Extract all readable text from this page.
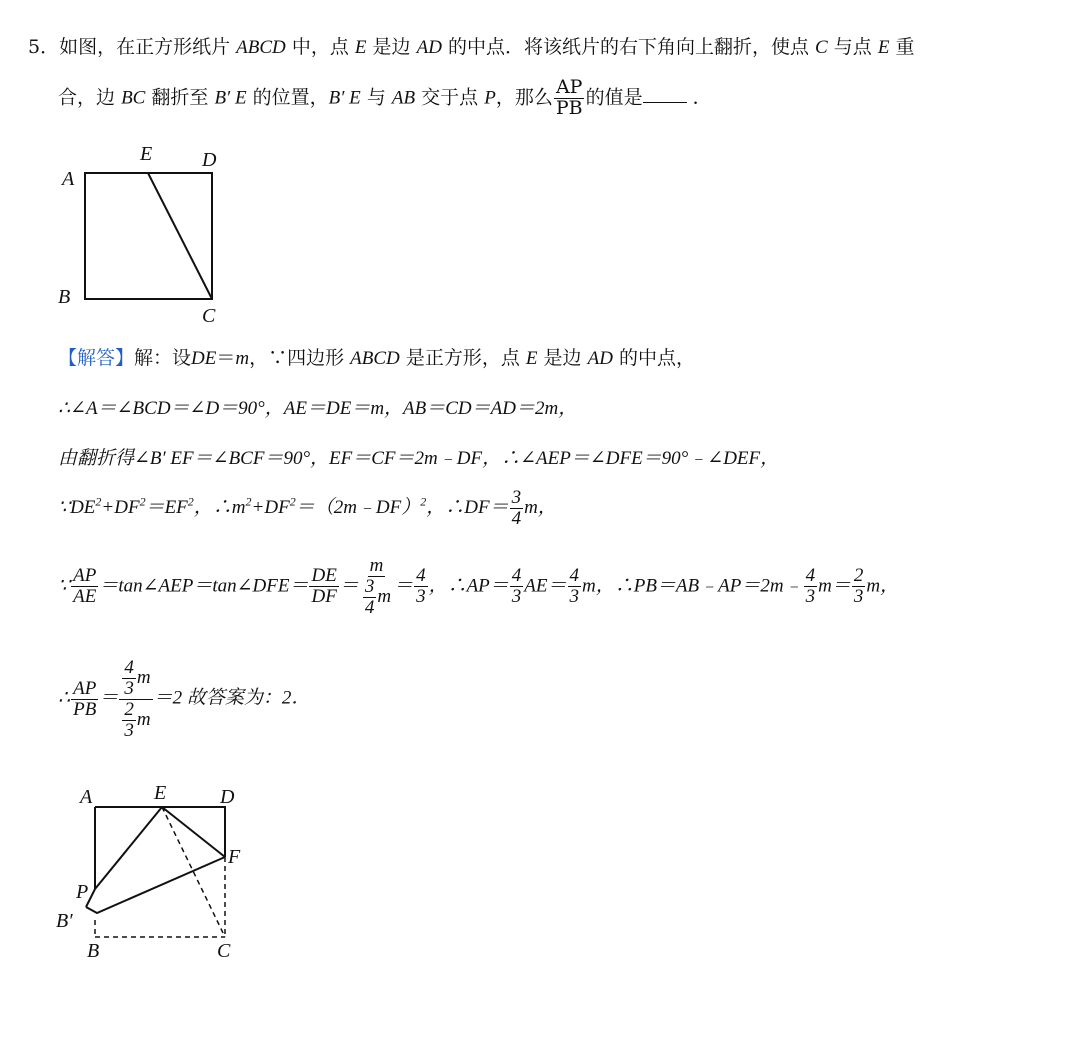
5．如图，在正方形纸片 ABCD 中，点 E 是边 AD 的中点．将该纸片的右下角向上翻折，使点 C 与点 E 重
合，边 BC 翻折至 B′ E 的位置，B′ E 与 AB 交于点 P，那么 $\frac{AP}{PB}$ 的值是	．
A
B
C
D
E
【解答】解：设DE＝m，∵四边形 ABCD 是正方形，点 E 是边 AD 的中点，
∴∠A＝∠BCD＝∠D＝90°，AE＝DE＝m，AB＝CD＝AD＝2m，
由翻折得∠B′ EF＝∠BCF＝90°，EF＝CF＝2m﹣DF，∴∠AEP＝∠DFE＝90°﹣∠DEF，
$\because DE^2+DF^2=EF^2$，$\therefore m^2+DF^2=(2m﹣DF)^2$，∴DF＝ $\frac{3}{4}$ m，
∵ $\frac{AP}{AE}$ ＝tan∠AEP＝tan∠DFE＝ $\frac{DE}{DF} = \frac{m}{\frac{3}{4} m} = \frac{4}{3}$ ，∴AP＝ $\frac{4}{3} AE= \frac{4}{3}$ m，∴PB＝AB﹣AP＝2m﹣ $\frac{4}{3} m= \frac{2}{3}$ m，
∴ $\frac{AP}{PB} = \frac{\frac{4}{3} m}{\frac{2}{3} m} =2$ 故答案为：2．
A	E	D
F
P
B′
B	C
